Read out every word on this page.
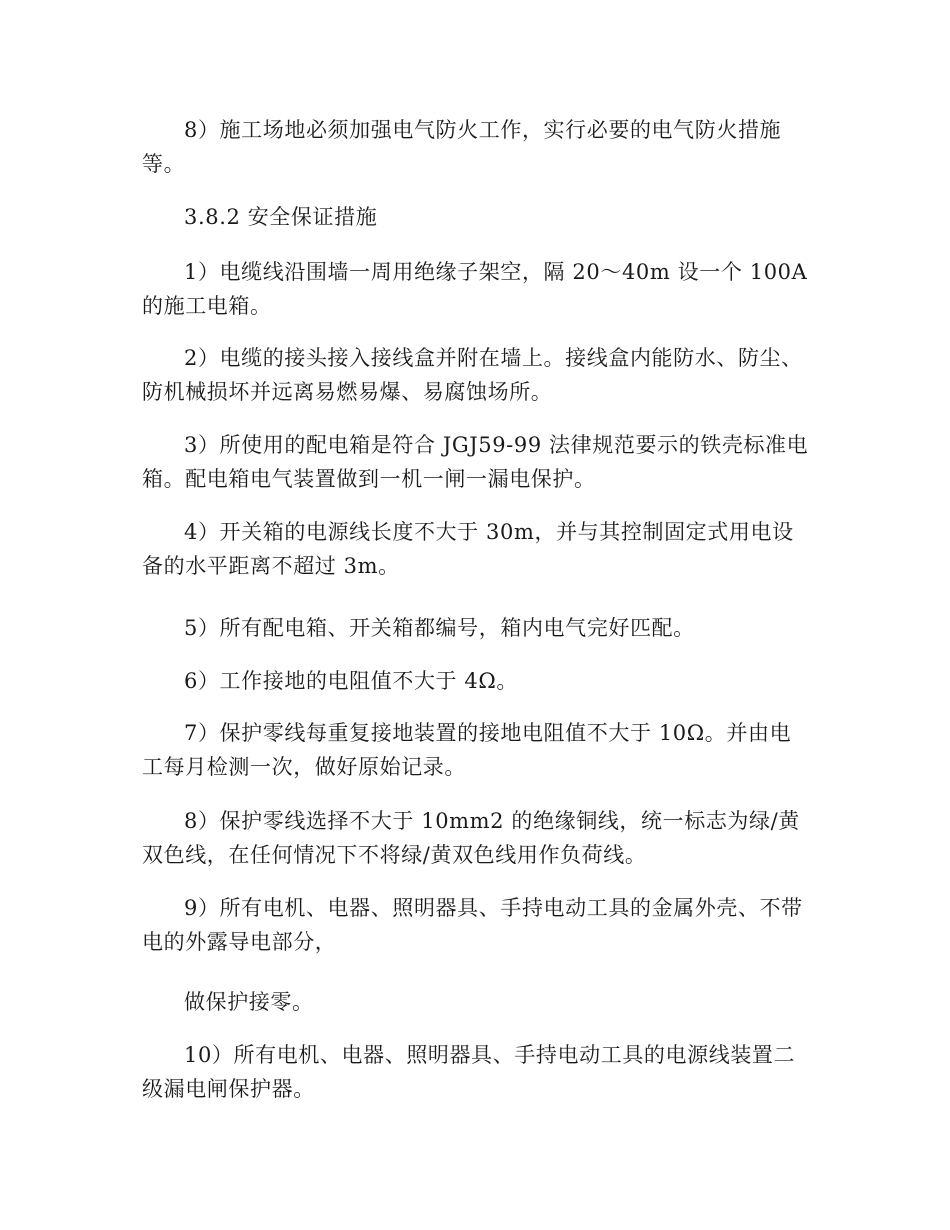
8）施工场地必须加强电气防火工作，实行必要的电气防火措施等。

3.8.2 安全保证措施

1）电缆线沿围墙一周用绝缘子架空，隔 20～40m 设一个 100A 的施工电箱。

2）电缆的接头接入接线盒并附在墙上。接线盒内能防水、防尘、防机械损坏并远离易燃易爆、易腐蚀场所。

3）所使用的配电箱是符合 JGJ59-99 法律规范要示的铁壳标准电箱。配电箱电气装置做到一机一闸一漏电保护。

4）开关箱的电源线长度不大于 30m，并与其控制固定式用电设备的水平距离不超过 3m。

5）所有配电箱、开关箱都编号，箱内电气完好匹配。

6）工作接地的电阻值不大于 4Ω。

7）保护零线每重复接地装置的接地电阻值不大于 10Ω。并由电工每月检测一次，做好原始记录。

8）保护零线选择不大于 10mm2 的绝缘铜线，统一标志为绿/黄双色线，在任何情况下不将绿/黄双色线用作负荷线。

9）所有电机、电器、照明器具、手持电动工具的金属外壳、不带电的外露导电部分，

做保护接零。

10）所有电机、电器、照明器具、手持电动工具的电源线装置二级漏电闸保护器。
